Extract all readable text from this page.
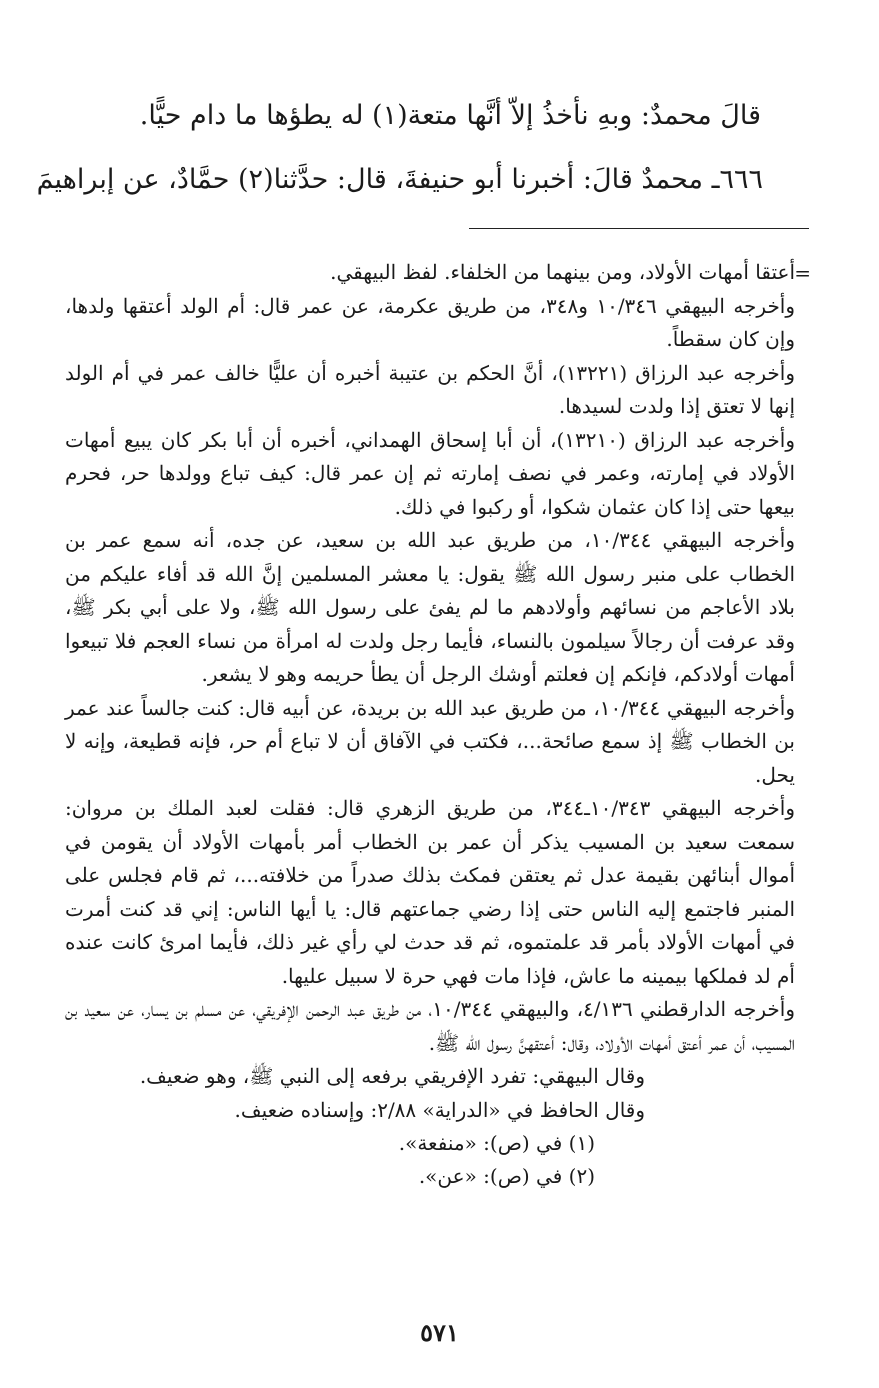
قالَ محمدٌ: وبهِ نأخذُ إلاّ أنَّها متعة(١) له يطؤها ما دام حيًّا.
٦٦٦ـ محمدٌ قالَ: أخبرنا أبو حنيفةَ، قال: حدَّثنا(٢) حمَّادٌ، عن إبراهيمَ
=

أعتقا أمهات الأولاد، ومن بينهما من الخلفاء. لفظ البيهقي.

وأخرجه البيهقي ١٠/٣٤٦ و٣٤٨، من طريق عكرمة، عن عمر قال: أم الولد أعتقها ولدها، وإن كان سقطاً.

وأخرجه عبد الرزاق (١٣٢٢١)، أنَّ الحكم بن عتيبة أخبره أن عليًّا خالف عمر في أم الولد إنها لا تعتق إذا ولدت لسيدها.

وأخرجه عبد الرزاق (١٣٢١٠)، أن أبا إسحاق الهمداني، أخبره أن أبا بكر كان يبيع أمهات الأولاد في إمارته، وعمر في نصف إمارته ثم إن عمر قال: كيف تباع وولدها حر، فحرم بيعها حتى إذا كان عثمان شكوا، أو ركبوا في ذلك.

وأخرجه البيهقي ١٠/٣٤٤، من طريق عبد الله بن سعيد، عن جده، أنه سمع عمر بن الخطاب على منبر رسول الله ﷺ يقول: يا معشر المسلمين إنَّ الله قد أفاء عليكم من بلاد الأعاجم من نسائهم وأولادهم ما لم يفئ على رسول الله ﷺ، ولا على أبي بكر ﷺ، وقد عرفت أن رجالاً سيلمون بالنساء، فأيما رجل ولدت له امرأة من نساء العجم فلا تبيعوا أمهات أولادكم، فإنكم إن فعلتم أوشك الرجل أن يطأ حريمه وهو لا يشعر.

وأخرجه البيهقي ١٠/٣٤٤، من طريق عبد الله بن بريدة، عن أبيه قال: كنت جالساً عند عمر بن الخطاب ﷺ إذ سمع صائحة...، فكتب في الآفاق أن لا تباع أم حر، فإنه قطيعة، وإنه لا يحل.

وأخرجه البيهقي ١٠/٣٤٣ـ٣٤٤، من طريق الزهري قال: فقلت لعبد الملك بن مروان: سمعت سعيد بن المسيب يذكر أن عمر بن الخطاب أمر بأمهات الأولاد أن يقومن في أموال أبنائهن بقيمة عدل ثم يعتقن فمكث بذلك صدراً من خلافته...، ثم قام فجلس على المنبر فاجتمع إليه الناس حتى إذا رضي جماعتهم قال: يا أيها الناس: إني قد كنت أمرت في أمهات الأولاد بأمر قد علمتموه، ثم قد حدث لي رأي غير ذلك، فأيما امرئ كانت عنده أم لد فملكها بيمينه ما عاش، فإذا مات فهي حرة لا سبيل عليها.

وأخرجه الدارقطني ٤/١٣٦، والبيهقي ١٠/٣٤٤، من طريق عبد الرحمن الإفريقي، عن مسلم بن يسار، عن سعيد بن المسيب، أن عمر أعتق أمهات الأولاد، وقال: أعتقهنَّ رسول الله ﷺ.

وقال البيهقي: تفرد الإفريقي برفعه إلى النبي ﷺ، وهو ضعيف.

وقال الحافظ في «الدراية» ٢/٨٨: وإسناده ضعيف.

(١) في (ص): «منفعة».

(٢) في (ص): «عن».

٥٧١
